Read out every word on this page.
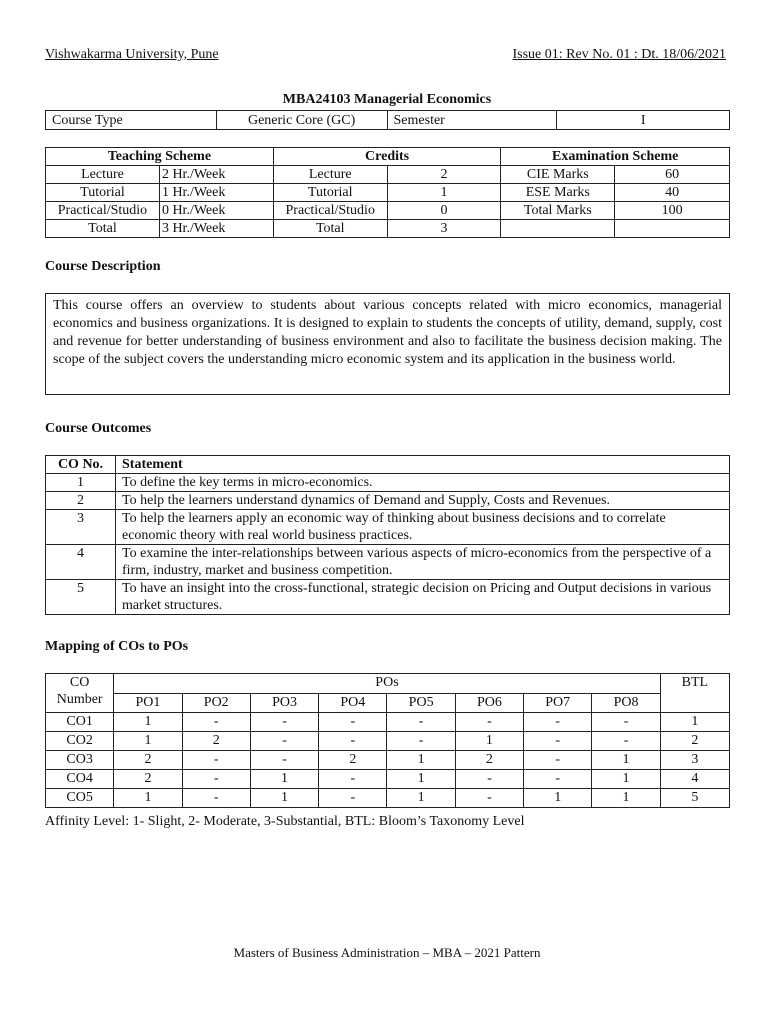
Vishwakarma University, Pune	Issue 01: Rev No. 01 : Dt. 18/06/2021
MBA24103 Managerial Economics
Course Type	Generic Core (GC)	Semester	I
Teaching Scheme		Credits		Examination Scheme	
Lecture	2 Hr./Week	Lecture	2	CIE Marks	60
Tutorial	1 Hr./Week	Tutorial	1	ESE Marks	40
Practical/Studio	0 Hr./Week	Practical/Studio	0	Total Marks	100
Total	3 Hr./Week	Total	3		
Course Description
This course offers an overview to students about various concepts related with micro economics, managerial economics and business organizations. It is designed to explain to students the concepts of utility, demand, supply, cost and revenue for better understanding of business environment and also to facilitate the business decision making. The scope of the subject covers the understanding micro economic system and its application in the business world.
Course Outcomes
CO No.	Statement
1	To define the key terms in micro-economics.
2	To help the learners understand dynamics of Demand and Supply, Costs and Revenues.
3	To help the learners apply an economic way of thinking about business decisions and to correlate economic theory with real world business practices.
4	To examine the inter-relationships between various aspects of micro-economics from the perspective of a firm, industry, market and business competition.
5	To have an insight into the cross-functional, strategic decision on Pricing and Output decisions in various market structures.
Mapping of COs to POs
CO
Number	POs								BTL
	PO1	PO2	PO3	PO4	PO5	PO6	PO7	PO8	
CO1	1	-	-	-	-	-	-	-	1
CO2	1	2	-	-	-	1	-	-	2
CO3	2	-	-	2	1	2	-	1	3
CO4	2	-	1	-	1	-	-	1	4
CO5	1	-	1	-	1	-	1	1	5
Affinity Level: 1- Slight, 2- Moderate, 3-Substantial, BTL: Bloom’s Taxonomy Level
Masters of Business Administration – MBA – 2021 Pattern
